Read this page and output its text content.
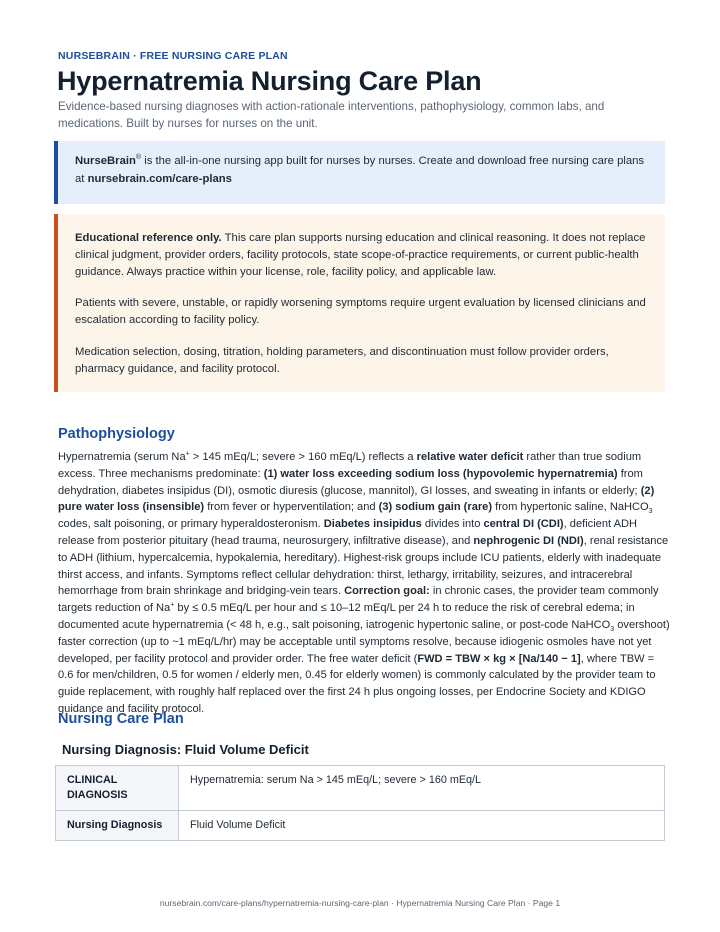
NURSEBRAIN · FREE NURSING CARE PLAN
Hypernatremia Nursing Care Plan
Evidence-based nursing diagnoses with action-rationale interventions, pathophysiology, common labs, and medications. Built by nurses for nurses on the unit.
NurseBrain® is the all-in-one nursing app built for nurses by nurses. Create and download free nursing care plans at nursebrain.com/care-plans
Educational reference only. This care plan supports nursing education and clinical reasoning. It does not replace clinical judgment, provider orders, facility protocols, state scope-of-practice requirements, or current public-health guidance. Always practice within your license, role, facility policy, and applicable law.
Patients with severe, unstable, or rapidly worsening symptoms require urgent evaluation by licensed clinicians and escalation according to facility policy.
Medication selection, dosing, titration, holding parameters, and discontinuation must follow provider orders, pharmacy guidance, and facility protocol.
Pathophysiology
Hypernatremia (serum Na+ > 145 mEq/L; severe > 160 mEq/L) reflects a relative water deficit rather than true sodium excess. Three mechanisms predominate: (1) water loss exceeding sodium loss (hypovolemic hypernatremia) from dehydration, diabetes insipidus (DI), osmotic diuresis (glucose, mannitol), GI losses, and sweating in infants or elderly; (2) pure water loss (insensible) from fever or hyperventilation; and (3) sodium gain (rare) from hypertonic saline, NaHCO$_3$ codes, salt poisoning, or primary hyperaldosteronism. Diabetes insipidus divides into central DI (CDI), deficient ADH release from posterior pituitary (head trauma, neurosurgery, infiltrative disease), and nephrogenic DI (NDI), renal resistance to ADH (lithium, hypercalcemia, hypokalemia, hereditary). Highest-risk groups include ICU patients, elderly with inadequate thirst access, and infants. Symptoms reflect cellular dehydration: thirst, lethargy, irritability, seizures, and intracerebral hemorrhage from brain shrinkage and bridging-vein tears. Correction goal: in chronic cases, the provider team commonly targets reduction of Na+ by ≤ 0.5 mEq/L per hour and ≤ 10–12 mEq/L per 24 h to reduce the risk of cerebral edema; in documented acute hypernatremia (< 48 h, e.g., salt poisoning, iatrogenic hypertonic saline, or post-code NaHCO$_3$ overshoot) faster correction (up to ~1 mEq/L/hr) may be acceptable until symptoms resolve, because idiogenic osmoles have not yet developed, per facility protocol and provider order. The free water deficit (FWD = TBW × kg × [Na/140 − 1], where TBW = 0.6 for men/children, 0.5 for women / elderly men, 0.45 for elderly women) is commonly calculated by the provider team to guide replacement, with roughly half replaced over the first 24 h plus ongoing losses, per Endocrine Society and KDIGO guidance and facility protocol.
Nursing Care Plan
Nursing Diagnosis: Fluid Volume Deficit
CLINICAL DIAGNOSIS	Hypernatremia: serum Na > 145 mEq/L; severe > 160 mEq/L
Nursing Diagnosis	Fluid Volume Deficit
nursebrain.com/care-plans/hypernatremia-nursing-care-plan · Hypernatremia Nursing Care Plan · Page 1
